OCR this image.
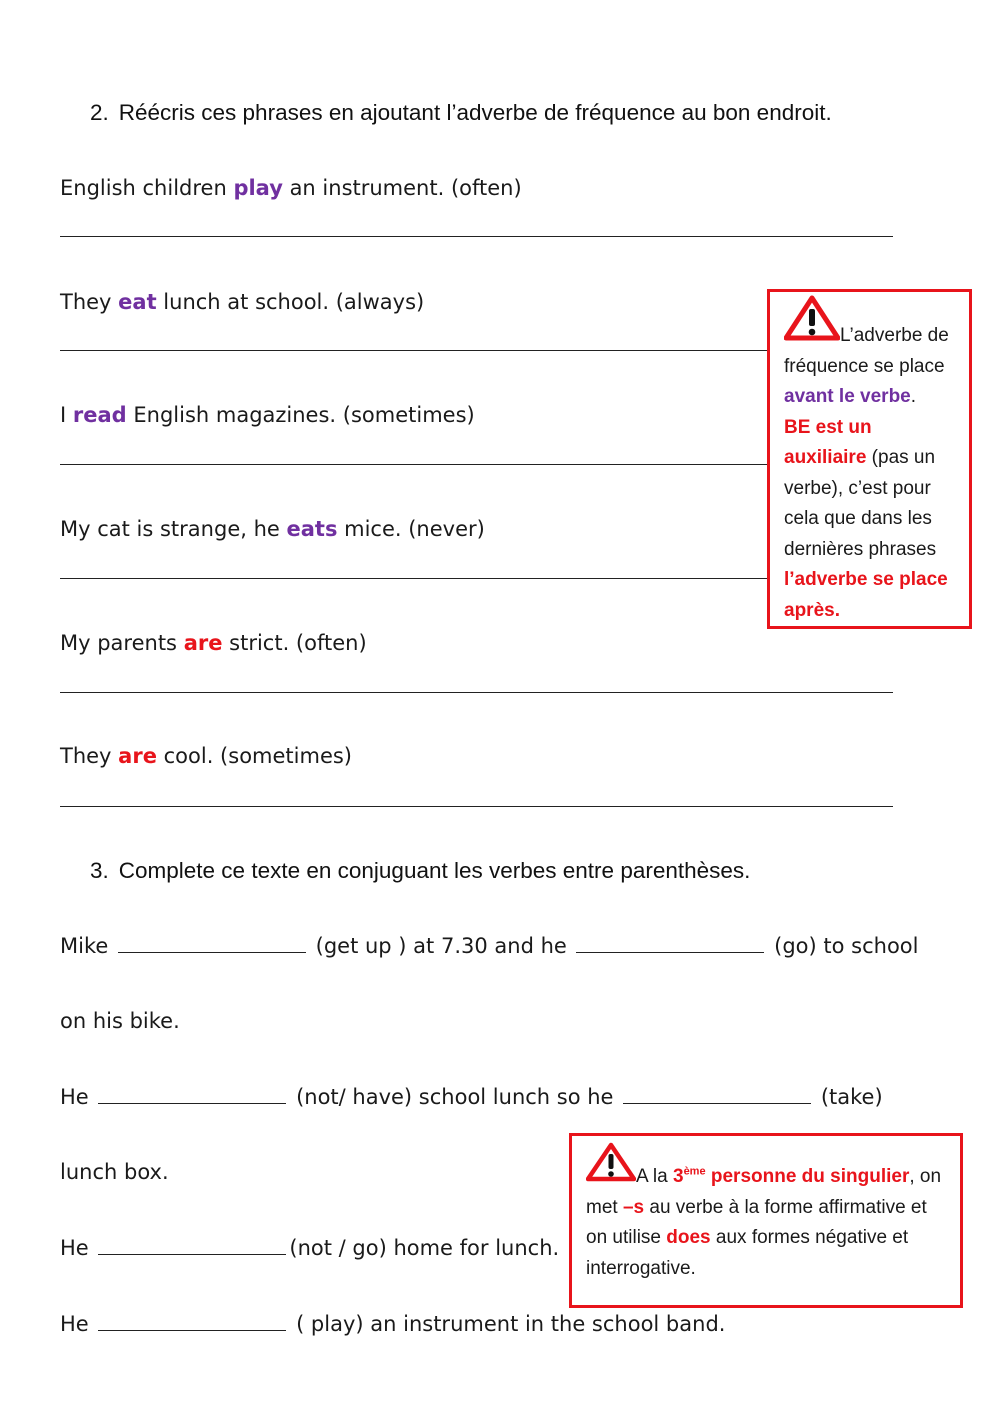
2. Réécris ces phrases en ajoutant l’adverbe de fréquence au bon endroit.
English children play an instrument. (often)
They eat lunch at school. (always)
I read English magazines. (sometimes)
My cat is strange, he eats mice. (never)
My parents are strict. (often)
They are cool. (sometimes)
L’adverbe de fréquence se place avant le verbe.
BE est un auxiliaire (pas un verbe), c’est pour cela que dans les dernières phrases l’adverbe se place après.
3. Complete ce texte en conjuguant les verbes entre parenthèses.
Mike	(get up ) at 7.30 and he	(go) to school
on his bike.
He	(not/ have) school lunch so he	(take)
lunch box.
He	(not / go) home for lunch.
He	( play) an instrument in the school band.
A la 3ème personne du singulier, on met –s au verbe à la forme affirmative et on utilise does aux formes négative et interrogative.
